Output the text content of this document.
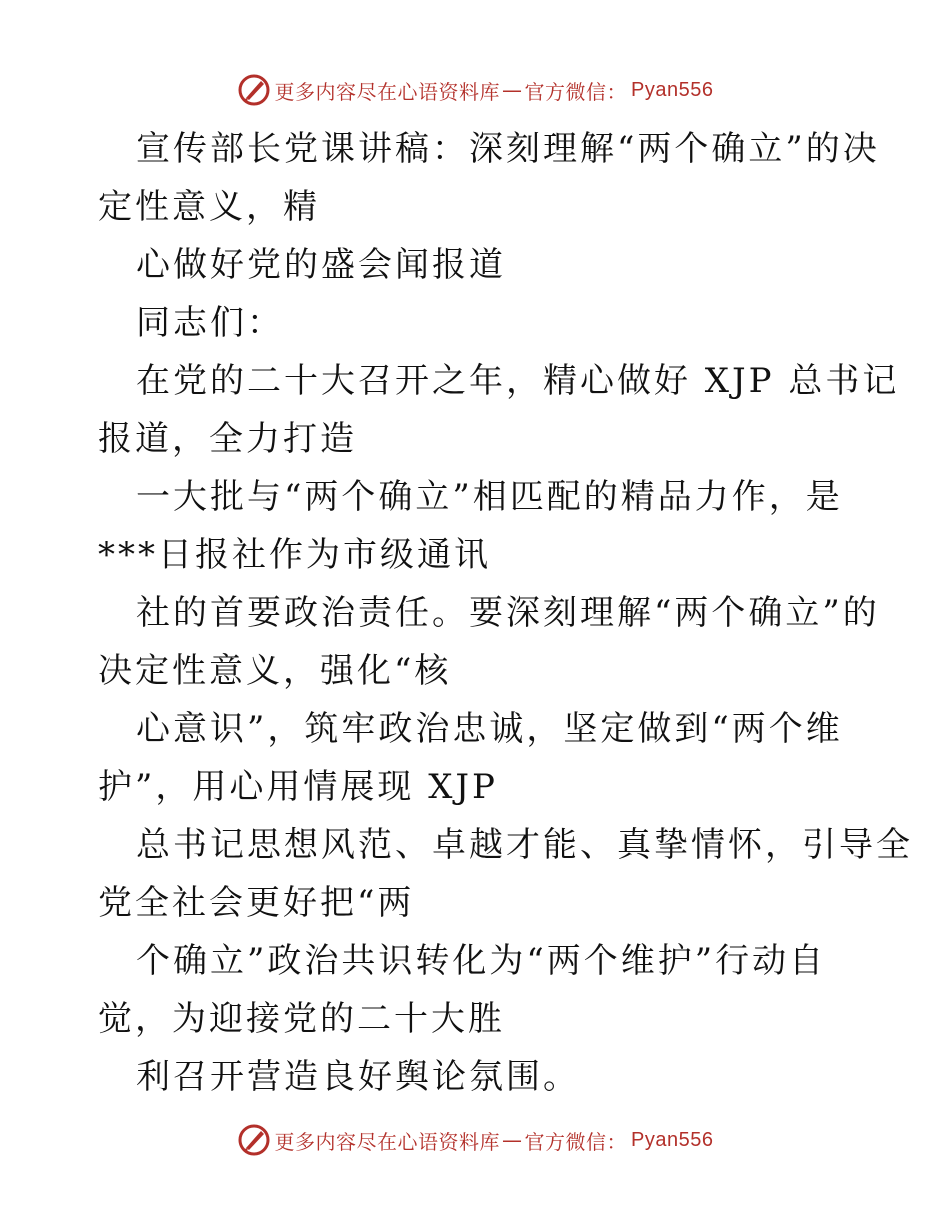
更多内容尽在心语资料库 — 官方微信： Pyan556
宣传部长党课讲稿：深刻理解“两个确立”的决
定性意义，精
心做好党的盛会闻报道
同志们：
在党的二十大召开之年，精心做好 XJP 总书记
报道，全力打造
一大批与“两个确立”相匹配的精品力作，是
***日报社作为市级通讯
社的首要政治责任。要深刻理解“两个确立”的
决定性意义，强化“核
心意识”，筑牢政治忠诚，坚定做到“两个维
护”，用心用情展现 XJP
总书记思想风范、卓越才能、真挚情怀，引导全
党全社会更好把“两
个确立”政治共识转化为“两个维护”行动自
觉，为迎接党的二十大胜
利召开营造良好舆论氛围。
更多内容尽在心语资料库 — 官方微信： Pyan556
